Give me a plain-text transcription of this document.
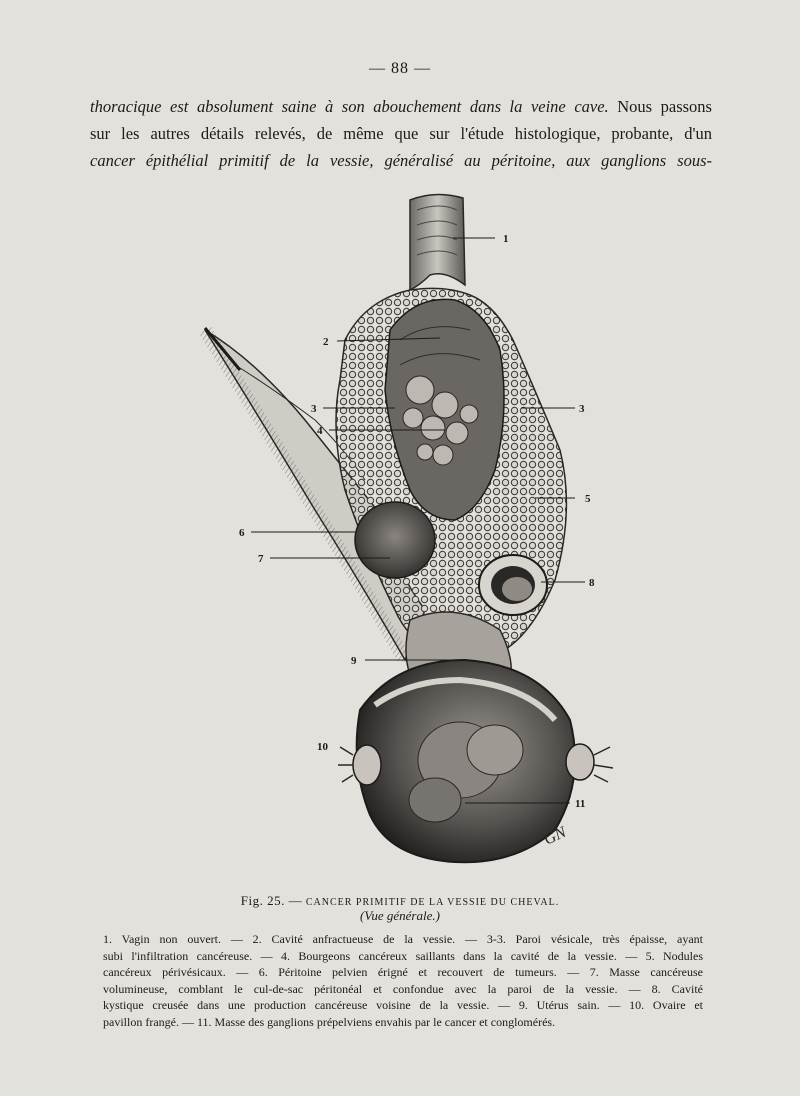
— 88 —
thoracique est absolument saine à son abouchement dans la veine cave. Nous passons
sur les autres détails relevés, de même que sur l'étude histologique, probante, d'un
cancer épithélial primitif de la vessie, généralisé au péritoine, aux ganglions sous-
1
2
3	3
4
5
6
7
8
9
10
11
GN
Fig. 25. — CANCER PRIMITIF DE LA VESSIE DU CHEVAL.
(Vue générale.)
1. Vagin non ouvert. — 2. Cavité anfractueuse de la vessie. — 3-3. Paroi vésicale, très épaisse, ayant
subi l'infiltration cancéreuse. — 4. Bourgeons cancéreux saillants dans la cavité de la vessie. — 5. Nodules
cancéreux périvésicaux. — 6. Péritoine pelvien érigné et recouvert de tumeurs. — 7. Masse cancéreuse
volumineuse, comblant le cul-de-sac péritonéal et confondue avec la paroi de la vessie. — 8. Cavité
kystique creusée dans une production cancéreuse voisine de la vessie. — 9. Utérus sain. — 10. Ovaire et
pavillon frangé. — 11. Masse des ganglions prépelviens envahis par le cancer et conglomérés.
